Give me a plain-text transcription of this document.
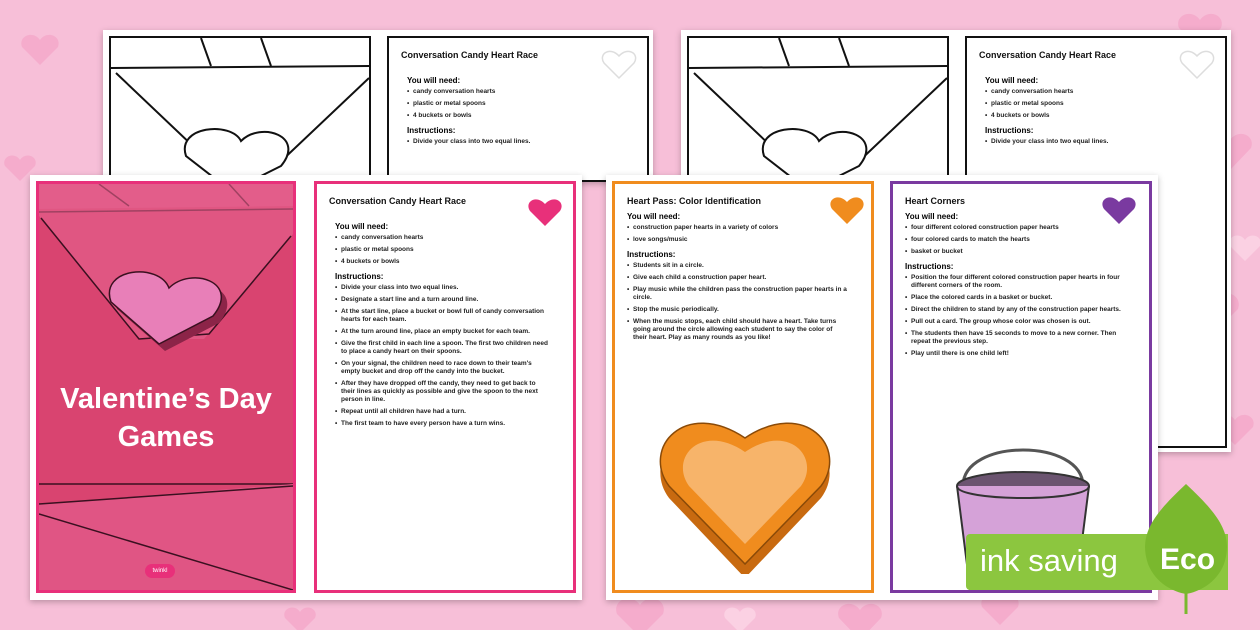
Conversation Candy Heart Race
You will need:
• candy conversation hearts
• plastic or metal spoons
• 4 buckets or bowls
Instructions:
• Divide your class into two equal lines.
Conversation Candy Heart Race
You will need:
• candy conversation hearts
• plastic or metal spoons
• 4 buckets or bowls
Instructions:
• Divide your class into two equal lines.
Valentine’s Day
Games
twinkl
Conversation Candy Heart Race
You will need:
• candy conversation hearts
• plastic or metal spoons
• 4 buckets or bowls
Instructions:
• Divide your class into two equal lines.
• Designate a start line and a turn around line.
• At the start line, place a bucket or bowl full of candy conversation hearts for each team.
• At the turn around line, place an empty bucket for each team.
• Give the first child in each line a spoon. The first two children need to place a candy heart on their spoons.
• On your signal, the children need to race down to their team's empty bucket and drop off the candy into the bucket.
• After they have dropped off the candy, they need to get back to their lines as quickly as possible and give the spoon to the next person in line.
• Repeat until all children have had a turn.
• The first team to have every person have a turn wins.
Heart Pass: Color Identification
You will need:
• construction paper hearts in a variety of colors
• love songs/music
Instructions:
• Students sit in a circle.
• Give each child a construction paper heart.
• Play music while the children pass the construction paper hearts in a circle.
• Stop the music periodically.
• When the music stops, each child should have a heart. Take turns going around the circle allowing each student to say the color of their heart. Play as many rounds as you like!
Heart Corners
You will need:
• four different colored construction paper hearts
• four colored cards to match the hearts
• basket or bucket
Instructions:
• Position the four different colored construction paper hearts in four different corners of the room.
• Place the colored cards in a basket or bucket.
• Direct the children to stand by any of the construction paper hearts.
• Pull out a card. The group whose color was chosen is out.
• The students then have 15 seconds to move to a new corner. Then repeat the previous step.
• Play until there is one child left!
ink saving Eco
